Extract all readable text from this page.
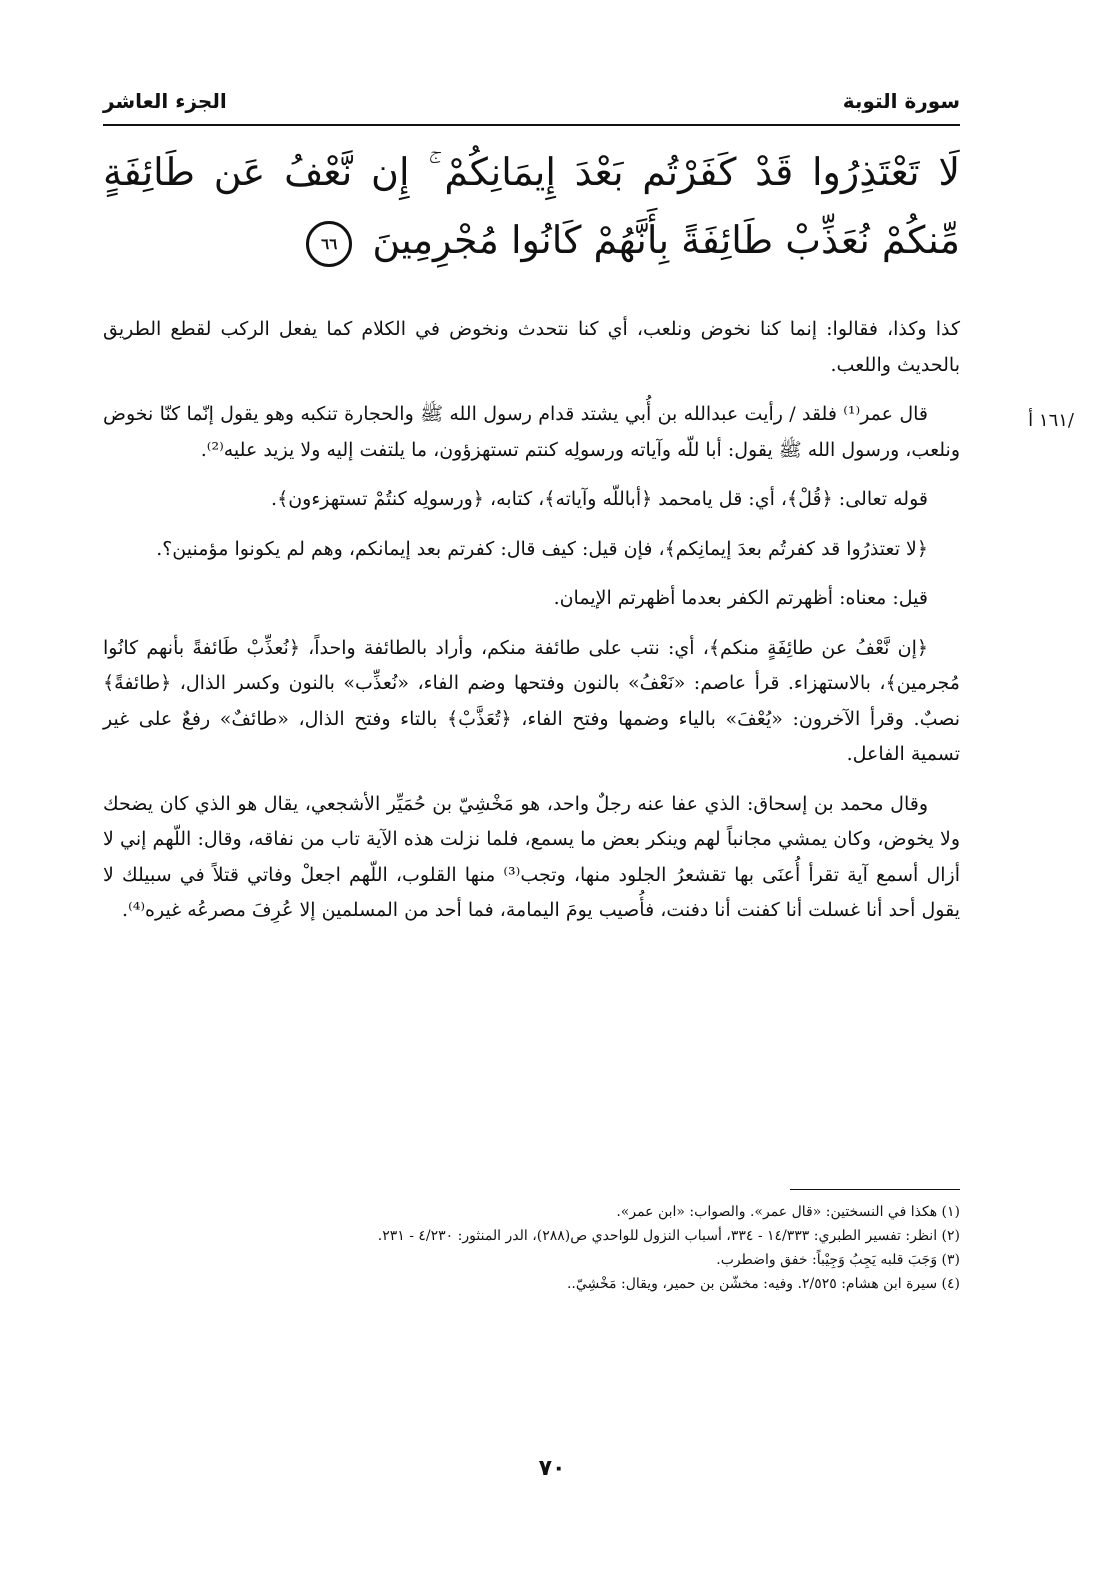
سورة التوبة
الجزء العاشر
لَا تَعْتَذِرُوا قَدْ كَفَرْتُم بَعْدَ إِيمَانِكُمْ ۚ إِن نَّعْفُ عَن طَائِفَةٍ مِّنكُمْ نُعَذِّبْ طَائِفَةً بِأَنَّهُمْ كَانُوا مُجْرِمِينَ
٦٦
/١٦١ أ

كذا وكذا، فقالوا: إنما كنا نخوض ونلعب، أي كنا نتحدث ونخوض في الكلام كما يفعل الركب لقطع الطريق بالحديث واللعب.

قال عمر⁽¹⁾ فلقد / رأيت عبدالله بن أُبي يشتد قدام رسول الله ﷺ والحجارة تنكبه وهو يقول إنّما كنّا نخوض ونلعب، ورسول الله ﷺ يقول: أبا للّه وآياته ورسولِه كنتم تستهزؤون، ما يلتفت إليه ولا يزيد عليه⁽²⁾.

قوله تعالى: ﴿قُلْ﴾، أي: قل يامحمد ﴿أباللّه وآياته﴾، كتابه، ﴿ورسولِه كنتُمْ تستهزءون﴾.

﴿لا تعتذرُوا قد كفرتُم بعدَ إيمانِكم﴾، فإن قيل: كيف قال: كفرتم بعد إيمانكم، وهم لم يكونوا مؤمنين؟.

قيل: معناه: أظهرتم الكفر بعدما أظهرتم الإيمان.

﴿إن نَّعْفُ عن طائِفَةٍ منكم﴾، أي: نتب على طائفة منكم، وأراد بالطائفة واحداً، ﴿نُعذِّبْ طَائفةً بأنهم كانُوا مُجرمين﴾، بالاستهزاء. قرأ عاصم: «نَعْفُ» بالنون وفتحها وضم الفاء، «نُعذِّب» بالنون وكسر الذال، ﴿طائفةً﴾ نصبٌ. وقرأ الآخرون: «يُعْفَ» بالياء وضمها وفتح الفاء، ﴿تُعَذَّبْ﴾ بالتاء وفتح الذال، «طائفٌ» رفعٌ على غير تسمية الفاعل.

وقال محمد بن إسحاق: الذي عفا عنه رجلٌ واحد، هو مَخْشِيّ بن حُمَيِّر الأشجعي، يقال هو الذي كان يضحك ولا يخوض، وكان يمشي مجانباً لهم وينكر بعض ما يسمع، فلما نزلت هذه الآية تاب من نفاقه، وقال: اللّهم إني لا أزال أسمع آية تقرأ أُعنَى بها تقشعرُ الجلود منها، وتجب⁽³⁾ منها القلوب، اللّهم اجعلْ وفاتي قتلاً في سبيلك لا يقول أحد أنا غسلت أنا كفنت أنا دفنت، فأُصيب يومَ اليمامة، فما أحد من المسلمين إلا عُرِفَ مصرعُه غيره⁽⁴⁾.

(١) هكذا في النسختين: «قال عمر». والصواب: «ابن عمر».
(٢) انظر: تفسير الطبري: ١٤/٣٣٣ - ٣٣٤، أسباب النزول للواحدي ص(٢٨٨)، الدر المنثور: ٤/٢٣٠ - ٢٣١.
(٣) وَجَبَ قلبه يَجِبُ وَجِيْباً: خفق واضطرب.
(٤) سيرة ابن هشام: ٢/٥٢٥. وفيه: مخشّن بن حمير، ويقال: مَخْشِيّ..
٧٠
